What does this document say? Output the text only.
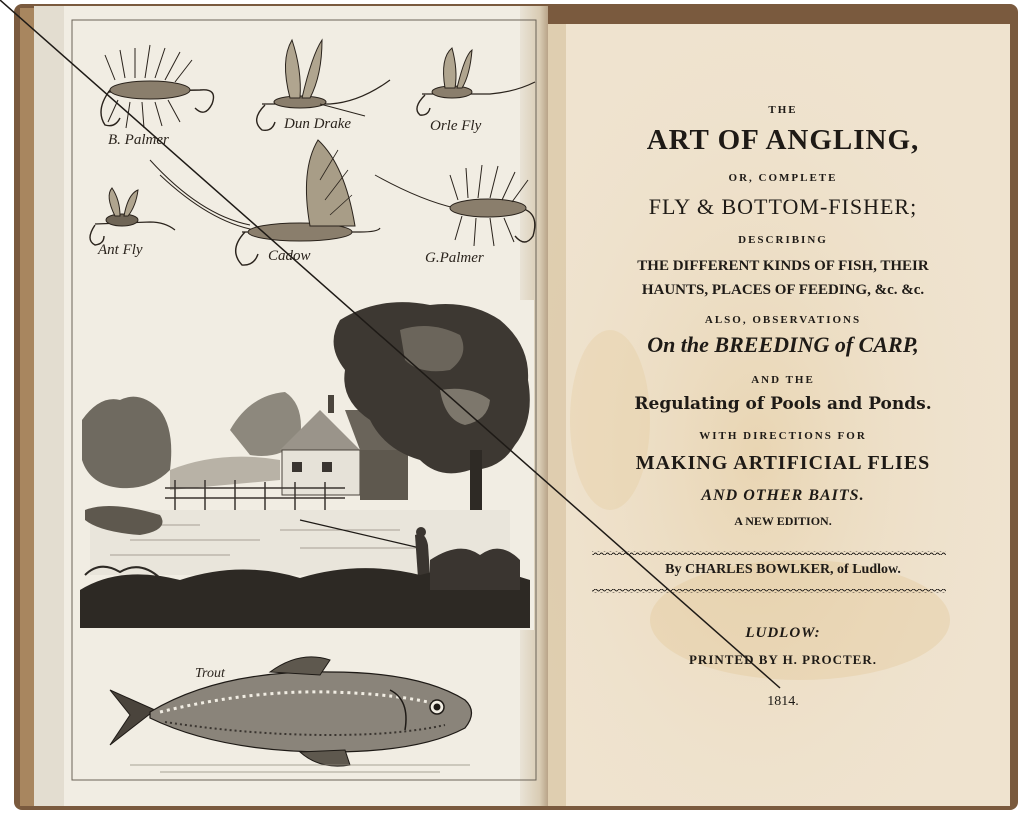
B. Palmer
Dun Drake	Orle Fly
Ant Fly	Cadow	G.Palmer
Trout
THE
ART OF ANGLING,
OR, COMPLETE
FLY & BOTTOM-FISHER;
DESCRIBING
THE DIFFERENT KINDS OF FISH, THEIR
HAUNTS, PLACES OF FEEDING, &c. &c.
ALSO, OBSERVATIONS
On the BREEDING of CARP,
AND THE
Regulating of Pools and Ponds.
WITH DIRECTIONS FOR
MAKING ARTIFICIAL FLIES
AND OTHER BAITS.
A NEW EDITION.
By CHARLES BOWLKER, of Ludlow.
LUDLOW:
PRINTED BY H. PROCTER.
1814.
